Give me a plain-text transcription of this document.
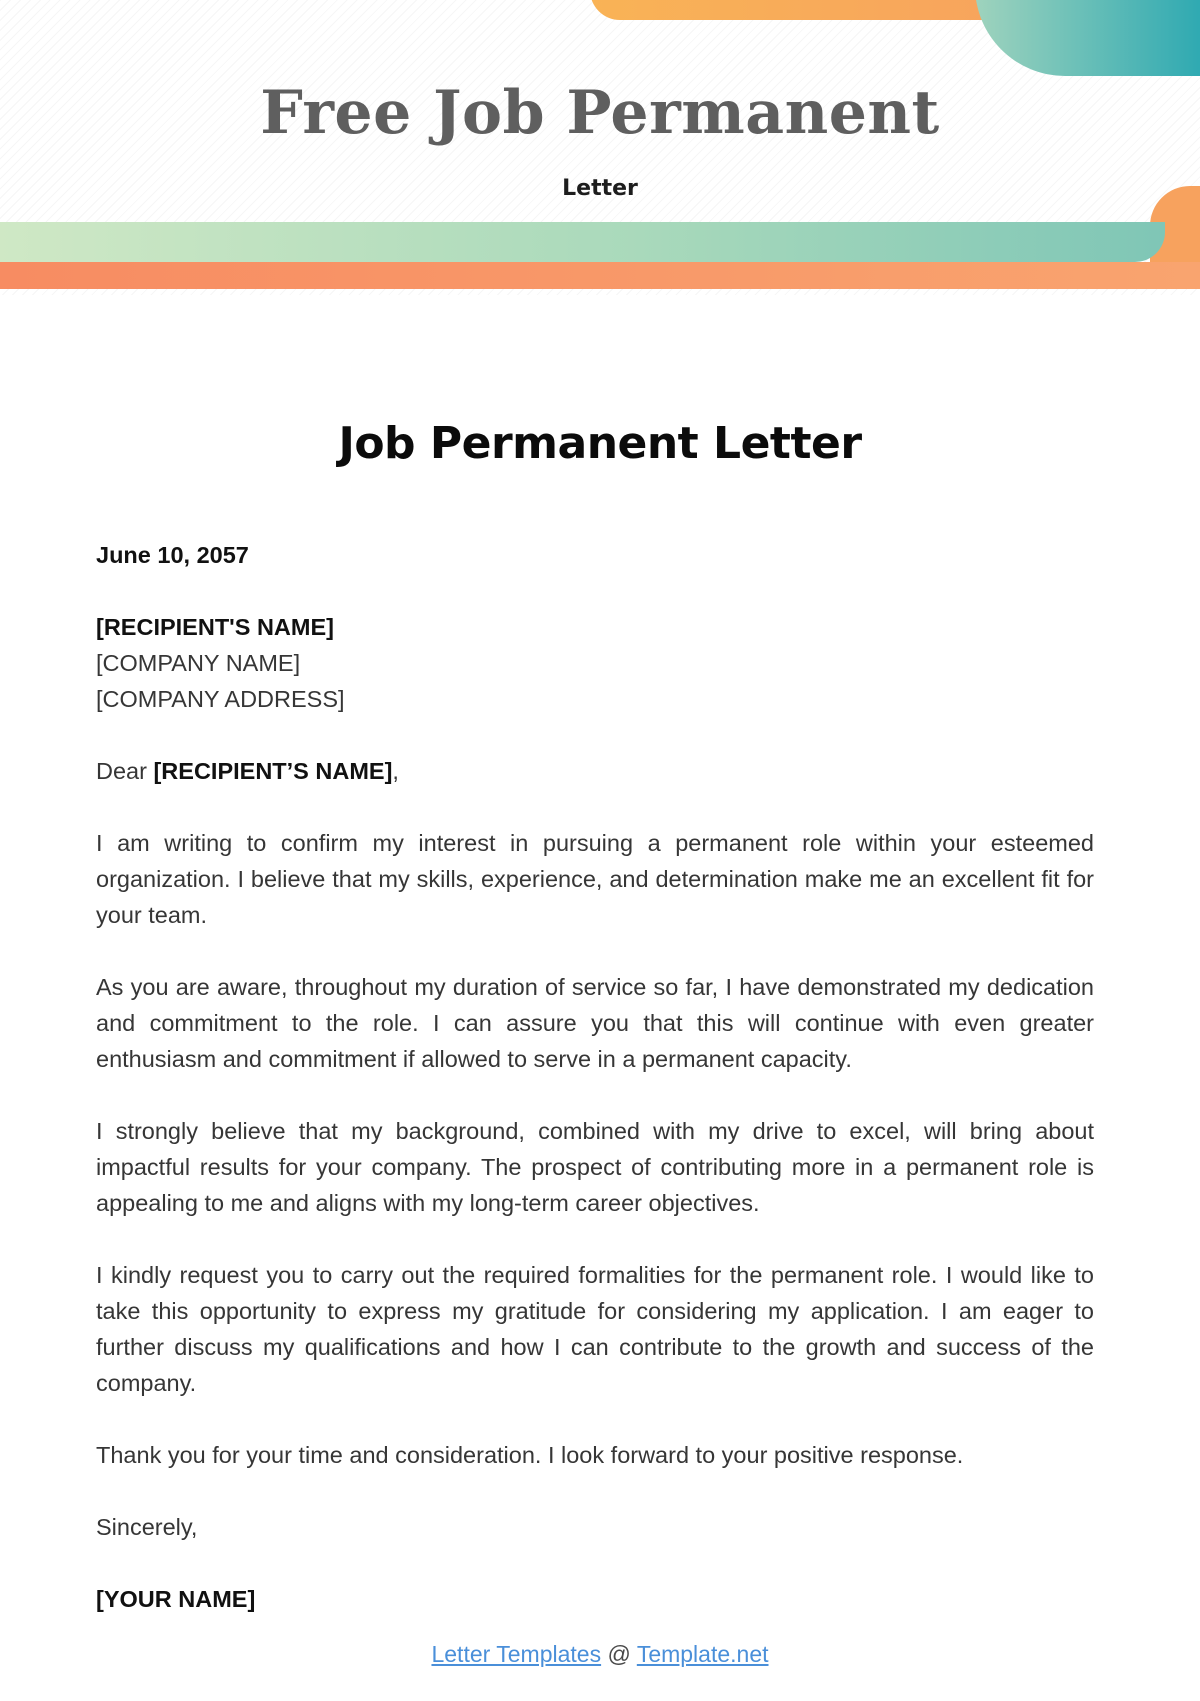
Free Job Permanent
Letter
Job Permanent Letter

June 10, 2057

[RECIPIENT'S NAME]
[COMPANY NAME]
[COMPANY ADDRESS]

Dear [RECIPIENT’S NAME],

I am writing to confirm my interest in pursuing a permanent role within your esteemed organization. I believe that my skills, experience, and determination make me an excellent fit for your team.

As you are aware, throughout my duration of service so far, I have demonstrated my dedication and commitment to the role. I can assure you that this will continue with even greater enthusiasm and commitment if allowed to serve in a permanent capacity.

I strongly believe that my background, combined with my drive to excel, will bring about impactful results for your company. The prospect of contributing more in a permanent role is appealing to me and aligns with my long-term career objectives.

I kindly request you to carry out the required formalities for the permanent role. I would like to take this opportunity to express my gratitude for considering my application. I am eager to further discuss my qualifications and how I can contribute to the growth and success of the company.

Thank you for your time and consideration. I look forward to your positive response.

Sincerely,

[YOUR NAME]

Letter Templates @ Template.net
